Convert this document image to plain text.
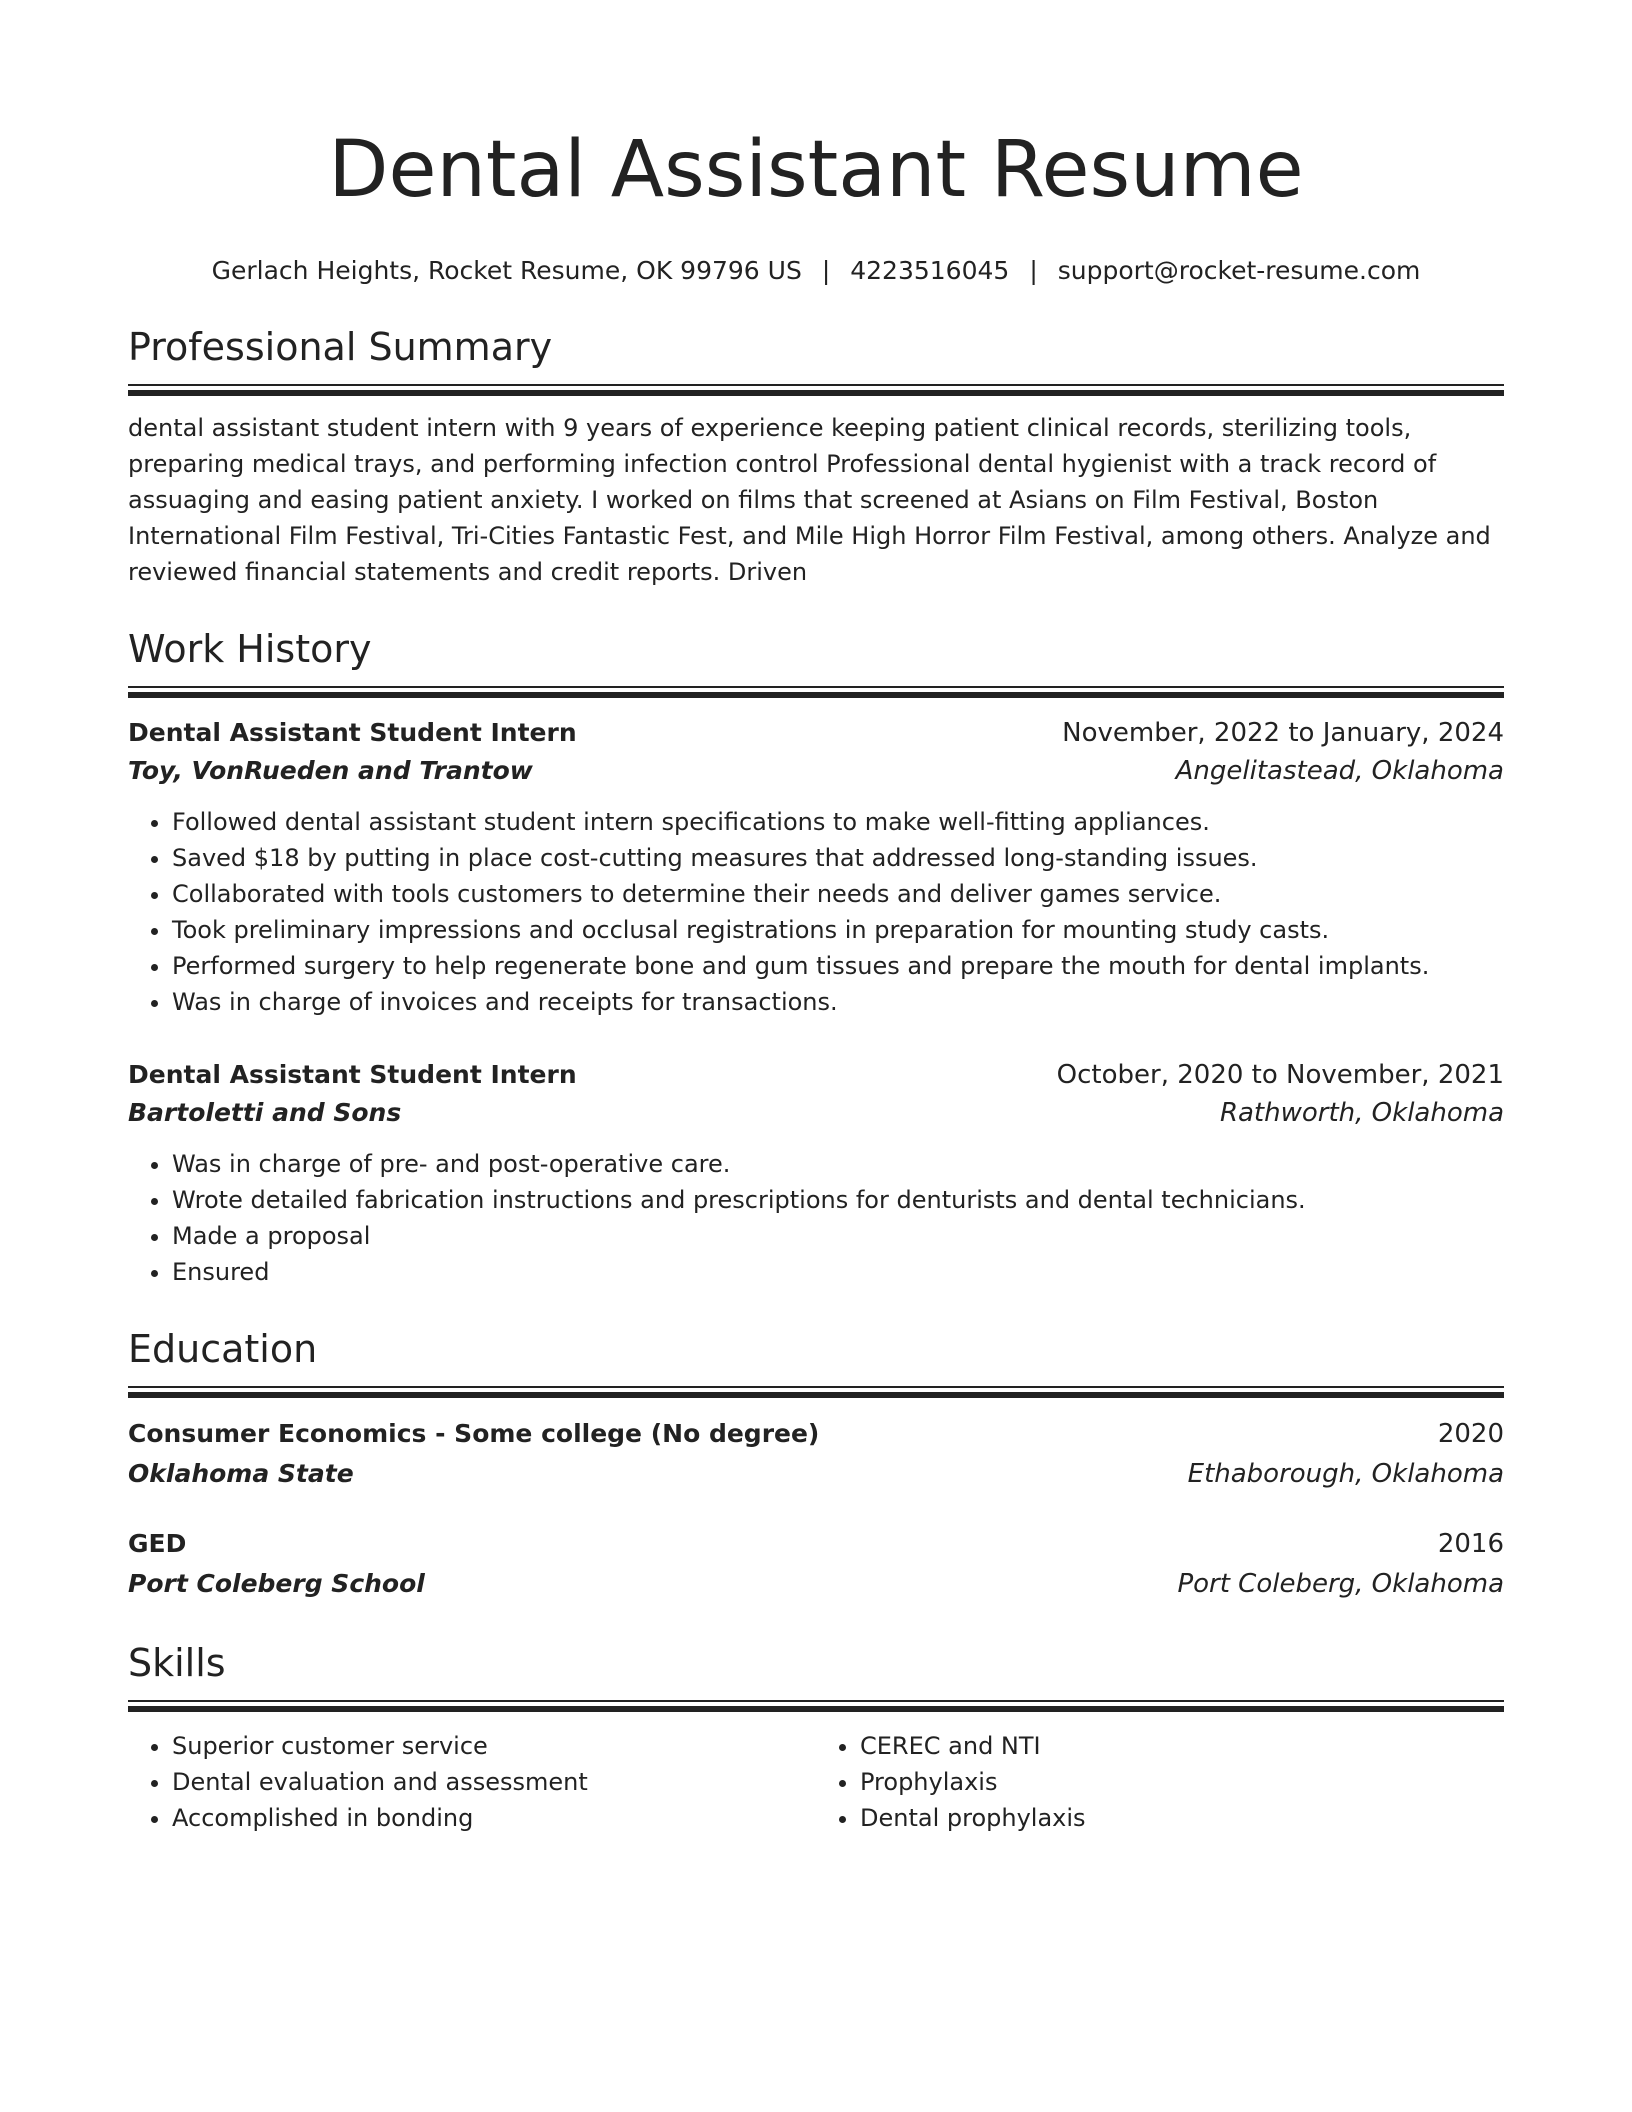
Dental Assistant Resume
Gerlach Heights, Rocket Resume, OK 99796 US | 4223516045 | support@rocket-resume.com
Professional Summary
dental assistant student intern with 9 years of experience keeping patient clinical records, sterilizing tools, preparing medical trays, and performing infection control Professional dental hygienist with a track record of assuaging and easing patient anxiety. I worked on films that screened at Asians on Film Festival, Boston International Film Festival, Tri-Cities Fantastic Fest, and Mile High Horror Film Festival, among others. Analyze and reviewed financial statements and credit reports. Driven
Work History
Dental Assistant Student Intern	November, 2022 to January, 2024
Toy, VonRueden and Trantow	Angelitastead, Oklahoma
• Followed dental assistant student intern specifications to make well-fitting appliances.
• Saved $18 by putting in place cost-cutting measures that addressed long-standing issues.
• Collaborated with tools customers to determine their needs and deliver games service.
• Took preliminary impressions and occlusal registrations in preparation for mounting study casts.
• Performed surgery to help regenerate bone and gum tissues and prepare the mouth for dental implants.
• Was in charge of invoices and receipts for transactions.
Dental Assistant Student Intern	October, 2020 to November, 2021
Bartoletti and Sons	Rathworth, Oklahoma
• Was in charge of pre- and post-operative care.
• Wrote detailed fabrication instructions and prescriptions for denturists and dental technicians.
• Made a proposal
• Ensured
Education
Consumer Economics - Some college (No degree)	2020
Oklahoma State	Ethaborough, Oklahoma
GED	2016
Port Coleberg School	Port Coleberg, Oklahoma
Skills
• Superior customer service
• Dental evaluation and assessment
• Accomplished in bonding
• CEREC and NTI
• Prophylaxis
• Dental prophylaxis
